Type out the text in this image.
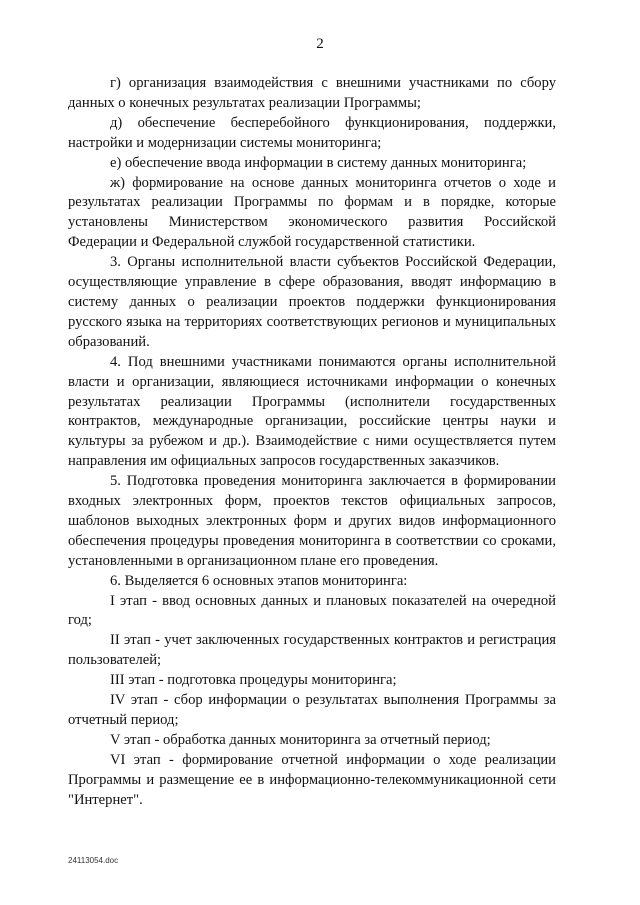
2

г) организация взаимодействия с внешними участниками по сбору данных о конечных результатах реализации Программы;

д) обеспечение бесперебойного функционирования, поддержки, настройки и модернизации системы мониторинга;

е) обеспечение ввода информации в систему данных мониторинга;

ж) формирование на основе данных мониторинга отчетов о ходе и результатах реализации Программы по формам и в порядке, которые установлены Министерством экономического развития Российской Федерации и Федеральной службой государственной статистики.

3. Органы исполнительной власти субъектов Российской Федерации, осуществляющие управление в сфере образования, вводят информацию в систему данных о реализации проектов поддержки функционирования русского языка на территориях соответствующих регионов и муниципальных образований.

4. Под внешними участниками понимаются органы исполнительной власти и организации, являющиеся источниками информации о конечных результатах реализации Программы (исполнители государственных контрактов, международные организации, российские центры науки и культуры за рубежом и др.). Взаимодействие с ними осуществляется путем направления им официальных запросов государственных заказчиков.

5. Подготовка проведения мониторинга заключается в формировании входных электронных форм, проектов текстов официальных запросов, шаблонов выходных электронных форм и других видов информационного обеспечения процедуры проведения мониторинга в соответствии со сроками, установленными в организационном плане его проведения.

6. Выделяется 6 основных этапов мониторинга:

I этап - ввод основных данных и плановых показателей на очередной год;

II этап - учет заключенных государственных контрактов и регистрация пользователей;

III этап - подготовка процедуры мониторинга;

IV этап - сбор информации о результатах выполнения Программы за отчетный период;

V этап - обработка данных мониторинга за отчетный период;

VI этап - формирование отчетной информации о ходе реализации Программы и размещение ее в информационно-телекоммуникационной сети "Интернет".

24113054.doc
